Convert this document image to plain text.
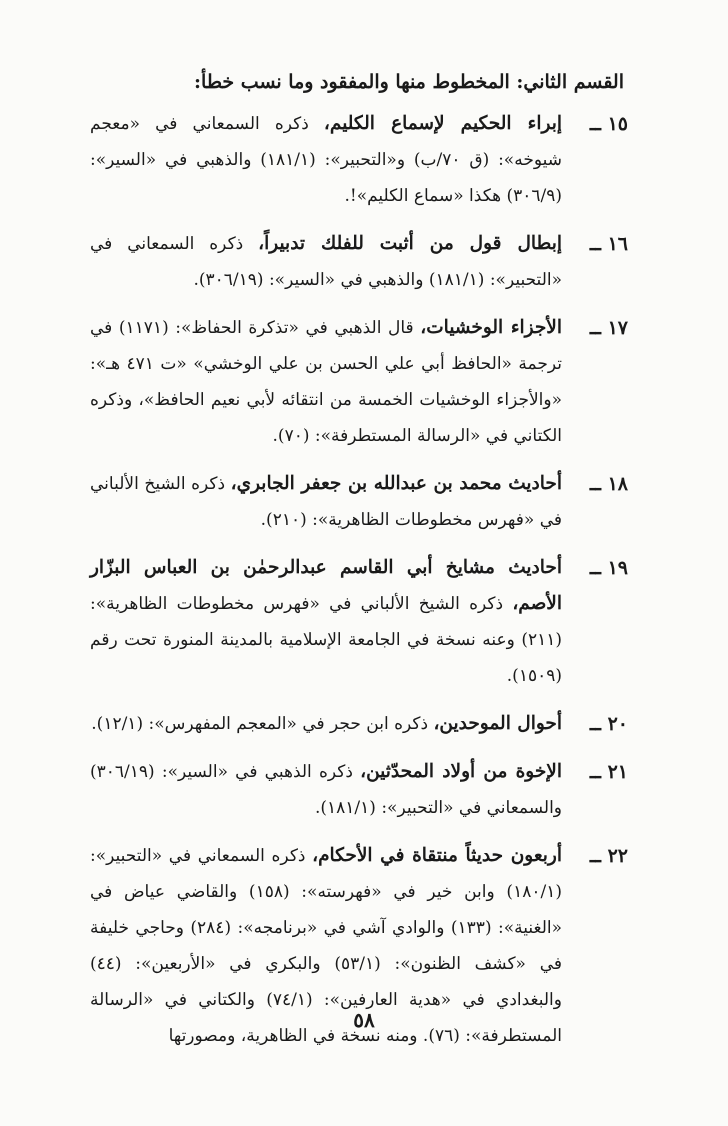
القسم الثاني: المخطوط منها والمفقود وما نسب خطأ:
١٥ ــ
إبراء الحكيم لإسماع الكليم، ذكره السمعاني في «معجم شيوخه»: (ق ٧٠/ب) و«التحبير»: (١٨١/١) والذهبي في «السير»: (٣٠٦/٩) هكذا «سماع الكليم»!.
١٦ ــ
إبطال قول من أثبت للفلك تدبيراً، ذكره السمعاني في «التحبير»: (١٨١/١) والذهبي في «السير»: (٣٠٦/١٩).
١٧ ــ
الأجزاء الوخشيات، قال الذهبي في «تذكرة الحفاظ»: (١١٧١) في ترجمة «الحافظ أبي علي الحسن بن علي الوخشي» «ت ٤٧١ هـ»: «والأجزاء الوخشيات الخمسة من انتقائه لأبي نعيم الحافظ»، وذكره الكتاني في «الرسالة المستطرفة»: (٧٠).
١٨ ــ
أحاديث محمد بن عبدالله بن جعفر الجابري، ذكره الشيخ الألباني في «فهرس مخطوطات الظاهرية»: (٢١٠).
١٩ ــ
أحاديث مشايخ أبي القاسم عبدالرحمٰن بن العباس البزّار الأصم، ذكره الشيخ الألباني في «فهرس مخطوطات الظاهرية»: (٢١١) وعنه نسخة في الجامعة الإسلامية بالمدينة المنورة تحت رقم (١٥٠٩).
٢٠ ــ
أحوال الموحدين، ذكره ابن حجر في «المعجم المفهرس»: (١٢/١).
٢١ ــ
الإخوة من أولاد المحدّثين، ذكره الذهبي في «السير»: (٣٠٦/١٩) والسمعاني في «التحبير»: (١٨١/١).
٢٢ ــ
أربعون حديثاً منتقاة في الأحكام، ذكره السمعاني في «التحبير»: (١٨٠/١) وابن خير في «فهرسته»: (١٥٨) والقاضي عياض في «الغنية»: (١٣٣) والوادي آشي في «برنامجه»: (٢٨٤) وحاجي خليفة في «كشف الظنون»: (٥٣/١) والبكري في «الأربعين»: (٤٤) والبغدادي في «هدية العارفين»: (٧٤/١) والكتاني في «الرسالة المستطرفة»: (٧٦). ومنه نسخة في الظاهرية، ومصورتها
٥٨
